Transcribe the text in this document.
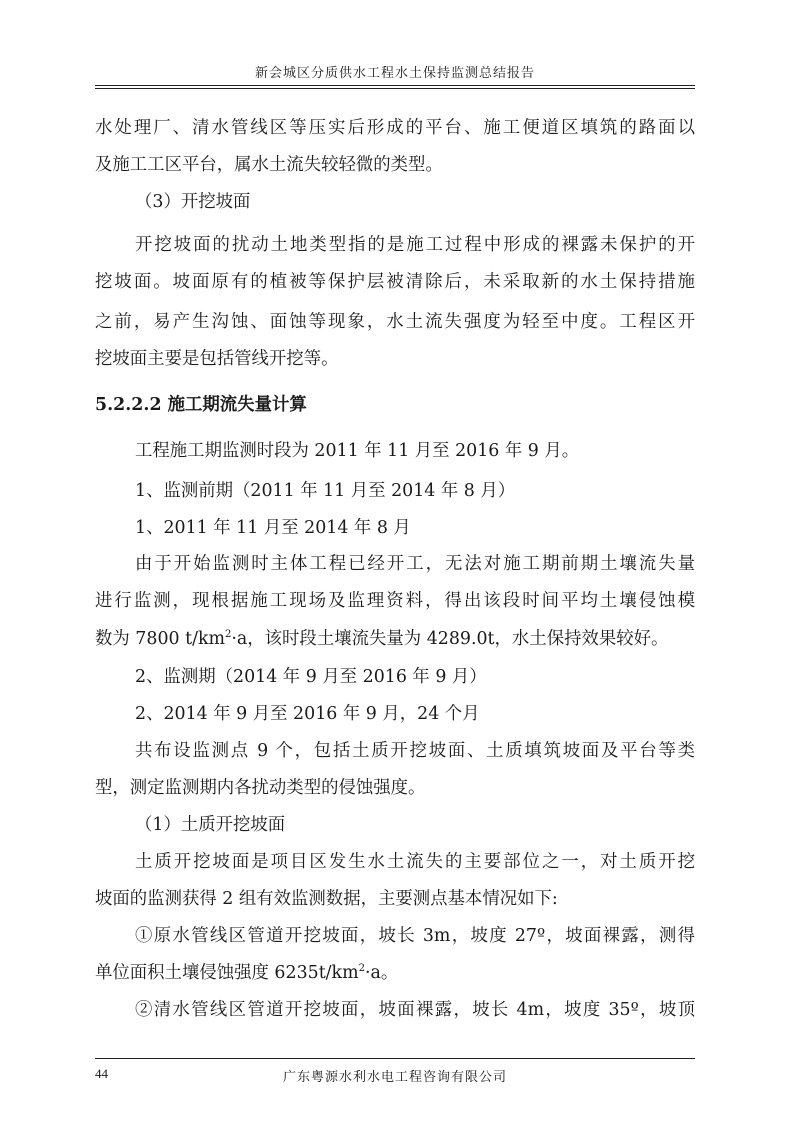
新会城区分质供水工程水土保持监测总结报告
水处理厂、清水管线区等压实后形成的平台、施工便道区填筑的路面以
及施工工区平台，属水土流失较轻微的类型。
（3）开挖坡面
开挖坡面的扰动土地类型指的是施工过程中形成的裸露未保护的开
挖坡面。坡面原有的植被等保护层被清除后，未采取新的水土保持措施
之前，易产生沟蚀、面蚀等现象，水土流失强度为轻至中度。工程区开
挖坡面主要是包括管线开挖等。
5.2.2.2 施工期流失量计算
工程施工期监测时段为 2011 年 11 月至 2016 年 9 月。
1、监测前期（2011 年 11 月至 2014 年 8 月）
1、2011 年 11 月至 2014 年 8 月
由于开始监测时主体工程已经开工，无法对施工期前期土壤流失量
进行监测，现根据施工现场及监理资料，得出该段时间平均土壤侵蚀模
数为 7800 $t/km^2\cdot a$，该时段土壤流失量为 4289.0t，水土保持效果较好。
2、监测期（2014 年 9 月至 2016 年 9 月）
2、2014 年 9 月至 2016 年 9 月，24 个月
共布设监测点 9 个，包括土质开挖坡面、土质填筑坡面及平台等类
型，测定监测期内各扰动类型的侵蚀强度。
（1）土质开挖坡面
土质开挖坡面是项目区发生水土流失的主要部位之一，对土质开挖
坡面的监测获得 2 组有效监测数据，主要测点基本情况如下:
①原水管线区管道开挖坡面，坡长 3m，坡度 27º，坡面裸露，测得
单位面积土壤侵蚀强度 $6235t/km^2\cdot a$。
②清水管线区管道开挖坡面，坡面裸露，坡长 4m，坡度 35º，坡顶
广东粤源水利水电工程咨询有限公司
44
